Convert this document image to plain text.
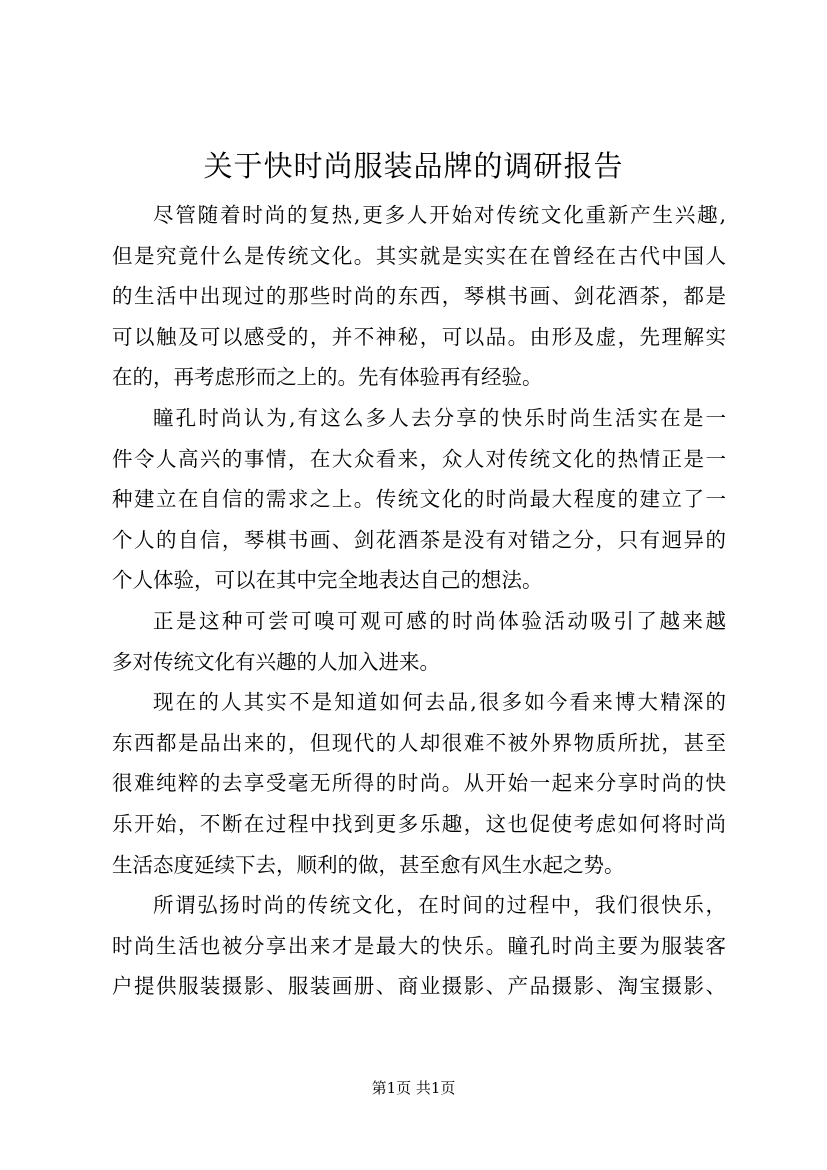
关于快时尚服装品牌的调研报告
尽管随着时尚的复热,更多人开始对传统文化重新产生兴趣,
但是究竟什么是传统文化。其实就是实实在在曾经在古代中国人
的生活中出现过的那些时尚的东西，琴棋书画、剑花酒茶，都是
可以触及可以感受的，并不神秘，可以品。由形及虚，先理解实
在的，再考虑形而之上的。先有体验再有经验。
瞳孔时尚认为,有这么多人去分享的快乐时尚生活实在是一
件令人高兴的事情，在大众看来，众人对传统文化的热情正是一
种建立在自信的需求之上。传统文化的时尚最大程度的建立了一
个人的自信，琴棋书画、剑花酒茶是没有对错之分，只有迥异的
个人体验，可以在其中完全地表达自己的想法。
正是这种可尝可嗅可观可感的时尚体验活动吸引了越来越
多对传统文化有兴趣的人加入进来。
现在的人其实不是知道如何去品,很多如今看来博大精深的
东西都是品出来的，但现代的人却很难不被外界物质所扰，甚至
很难纯粹的去享受毫无所得的时尚。从开始一起来分享时尚的快
乐开始，不断在过程中找到更多乐趣，这也促使考虑如何将时尚
生活态度延续下去，顺利的做，甚至愈有风生水起之势。
所谓弘扬时尚的传统文化，在时间的过程中，我们很快乐，
时尚生活也被分享出来才是最大的快乐。瞳孔时尚主要为服装客
户提供服装摄影、服装画册、商业摄影、产品摄影、淘宝摄影、
第1页 共1页
